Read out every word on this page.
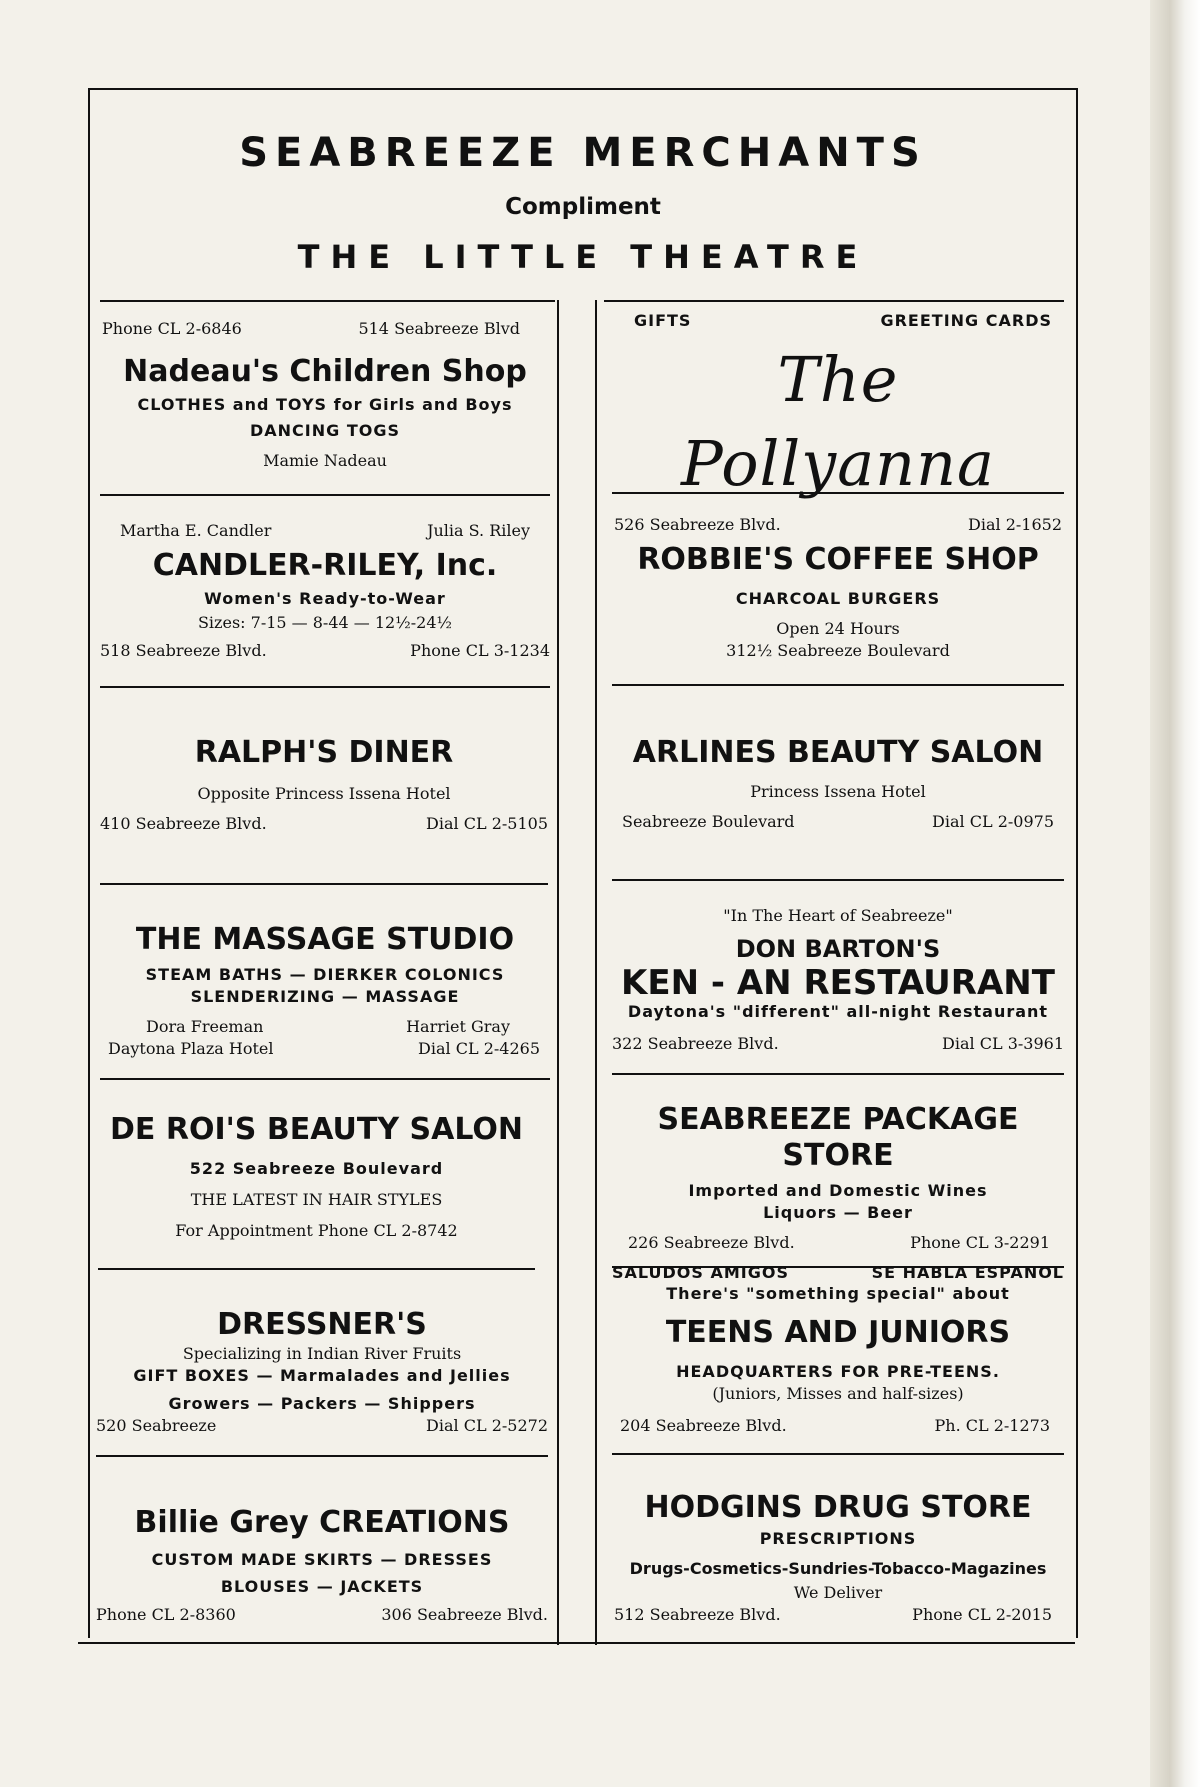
SEABREEZE MERCHANTS
Compliment
THE LITTLE THEATRE
Phone CL 2-6846	514 Seabreeze Blvd
Nadeau's Children Shop
CLOTHES and TOYS for Girls and Boys
DANCING TOGS
Mamie Nadeau
Martha E. Candler	Julia S. Riley
CANDLER-RILEY, Inc.
Women's Ready-to-Wear
Sizes: 7-15 — 8-44 — 12½-24½
518 Seabreeze Blvd.	Phone CL 3-1234
RALPH'S DINER
Opposite Princess Issena Hotel
410 Seabreeze Blvd.	Dial CL 2-5105
THE MASSAGE STUDIO
STEAM BATHS — DIERKER COLONICS
SLENDERIZING — MASSAGE
Dora Freeman	Harriet Gray
Daytona Plaza Hotel	Dial CL 2-4265
DE ROI'S BEAUTY SALON
522 Seabreeze Boulevard
THE LATEST IN HAIR STYLES
For Appointment Phone CL 2-8742
DRESSNER'S
Specializing in Indian River Fruits
GIFT BOXES — Marmalades and Jellies
Growers — Packers — Shippers
520 Seabreeze	Dial CL 2-5272
Billie Grey CREATIONS
CUSTOM MADE SKIRTS — DRESSES
BLOUSES — JACKETS
Phone CL 2-8360	306 Seabreeze Blvd.
GIFTS	GREETING CARDS
The Pollyanna
526 Seabreeze Blvd.	Dial 2-1652
ROBBIE'S COFFEE SHOP
CHARCOAL BURGERS
Open 24 Hours
312½ Seabreeze Boulevard
ARLINES BEAUTY SALON
Princess Issena Hotel
Seabreeze Boulevard	Dial CL 2-0975
"In The Heart of Seabreeze"
DON BARTON'S
KEN - AN RESTAURANT
Daytona's "different" all-night Restaurant
322 Seabreeze Blvd.	Dial CL 3-3961
SEABREEZE PACKAGE STORE
Imported and Domestic Wines
Liquors — Beer
226 Seabreeze Blvd.	Phone CL 3-2291
SALUDOS AMIGOS	SE HABLA ESPANOL
There's "something special" about
TEENS AND JUNIORS
HEADQUARTERS FOR PRE-TEENS.
(Juniors, Misses and half-sizes)
204 Seabreeze Blvd.	Ph. CL 2-1273
HODGINS DRUG STORE
PRESCRIPTIONS
Drugs-Cosmetics-Sundries-Tobacco-Magazines
We Deliver
512 Seabreeze Blvd.	Phone CL 2-2015
